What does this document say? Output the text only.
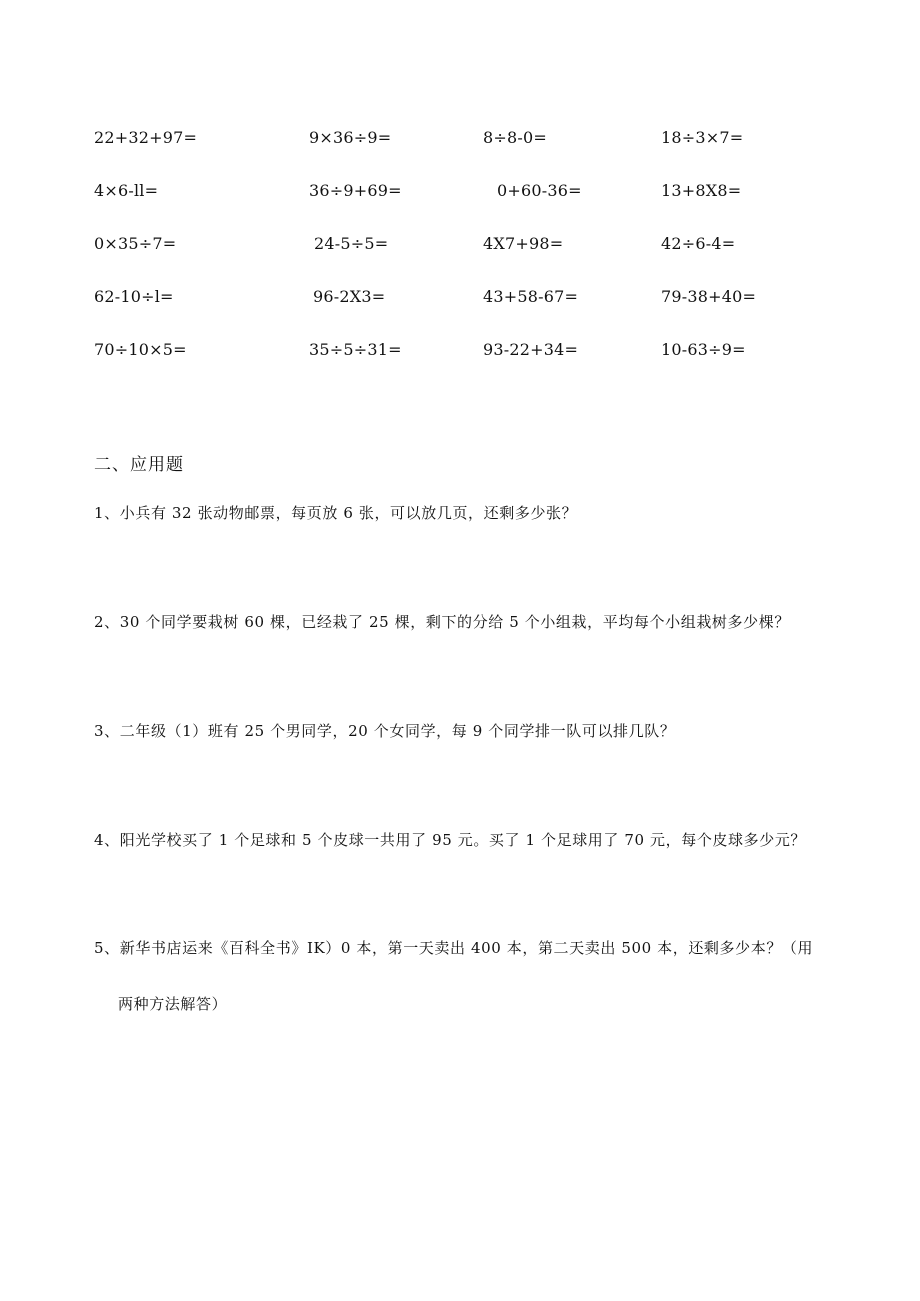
22+32+97=	9×36÷9=	8÷8-0=	18÷3×7=
4×6-ll=	36÷9+69=	0+60-36=	13+8X8=
0×35÷7=	24-5÷5=	4X7+98=	42÷6-4=
62-10÷l=	96-2X3=	43+58-67=	79-38+40=
70÷10×5=	35÷5÷31=	93-22+34=	10-63÷9=
二、应用题
1、小兵有 32 张动物邮票，每页放 6 张，可以放几页，还剩多少张？
2、30 个同学要栽树 60 棵，已经栽了 25 棵，剩下的分给 5 个小组栽，平均每个小组栽树多少棵？
3、二年级（1）班有 25 个男同学，20 个女同学，每 9 个同学排一队可以排几队？
4、阳光学校买了 1 个足球和 5 个皮球一共用了 95 元。买了 1 个足球用了 70 元，每个皮球多少元？
5、新华书店运来《百科全书》IK）0 本，第一天卖出 400 本，第二天卖出 500 本，还剩多少本？（用
两种方法解答）
